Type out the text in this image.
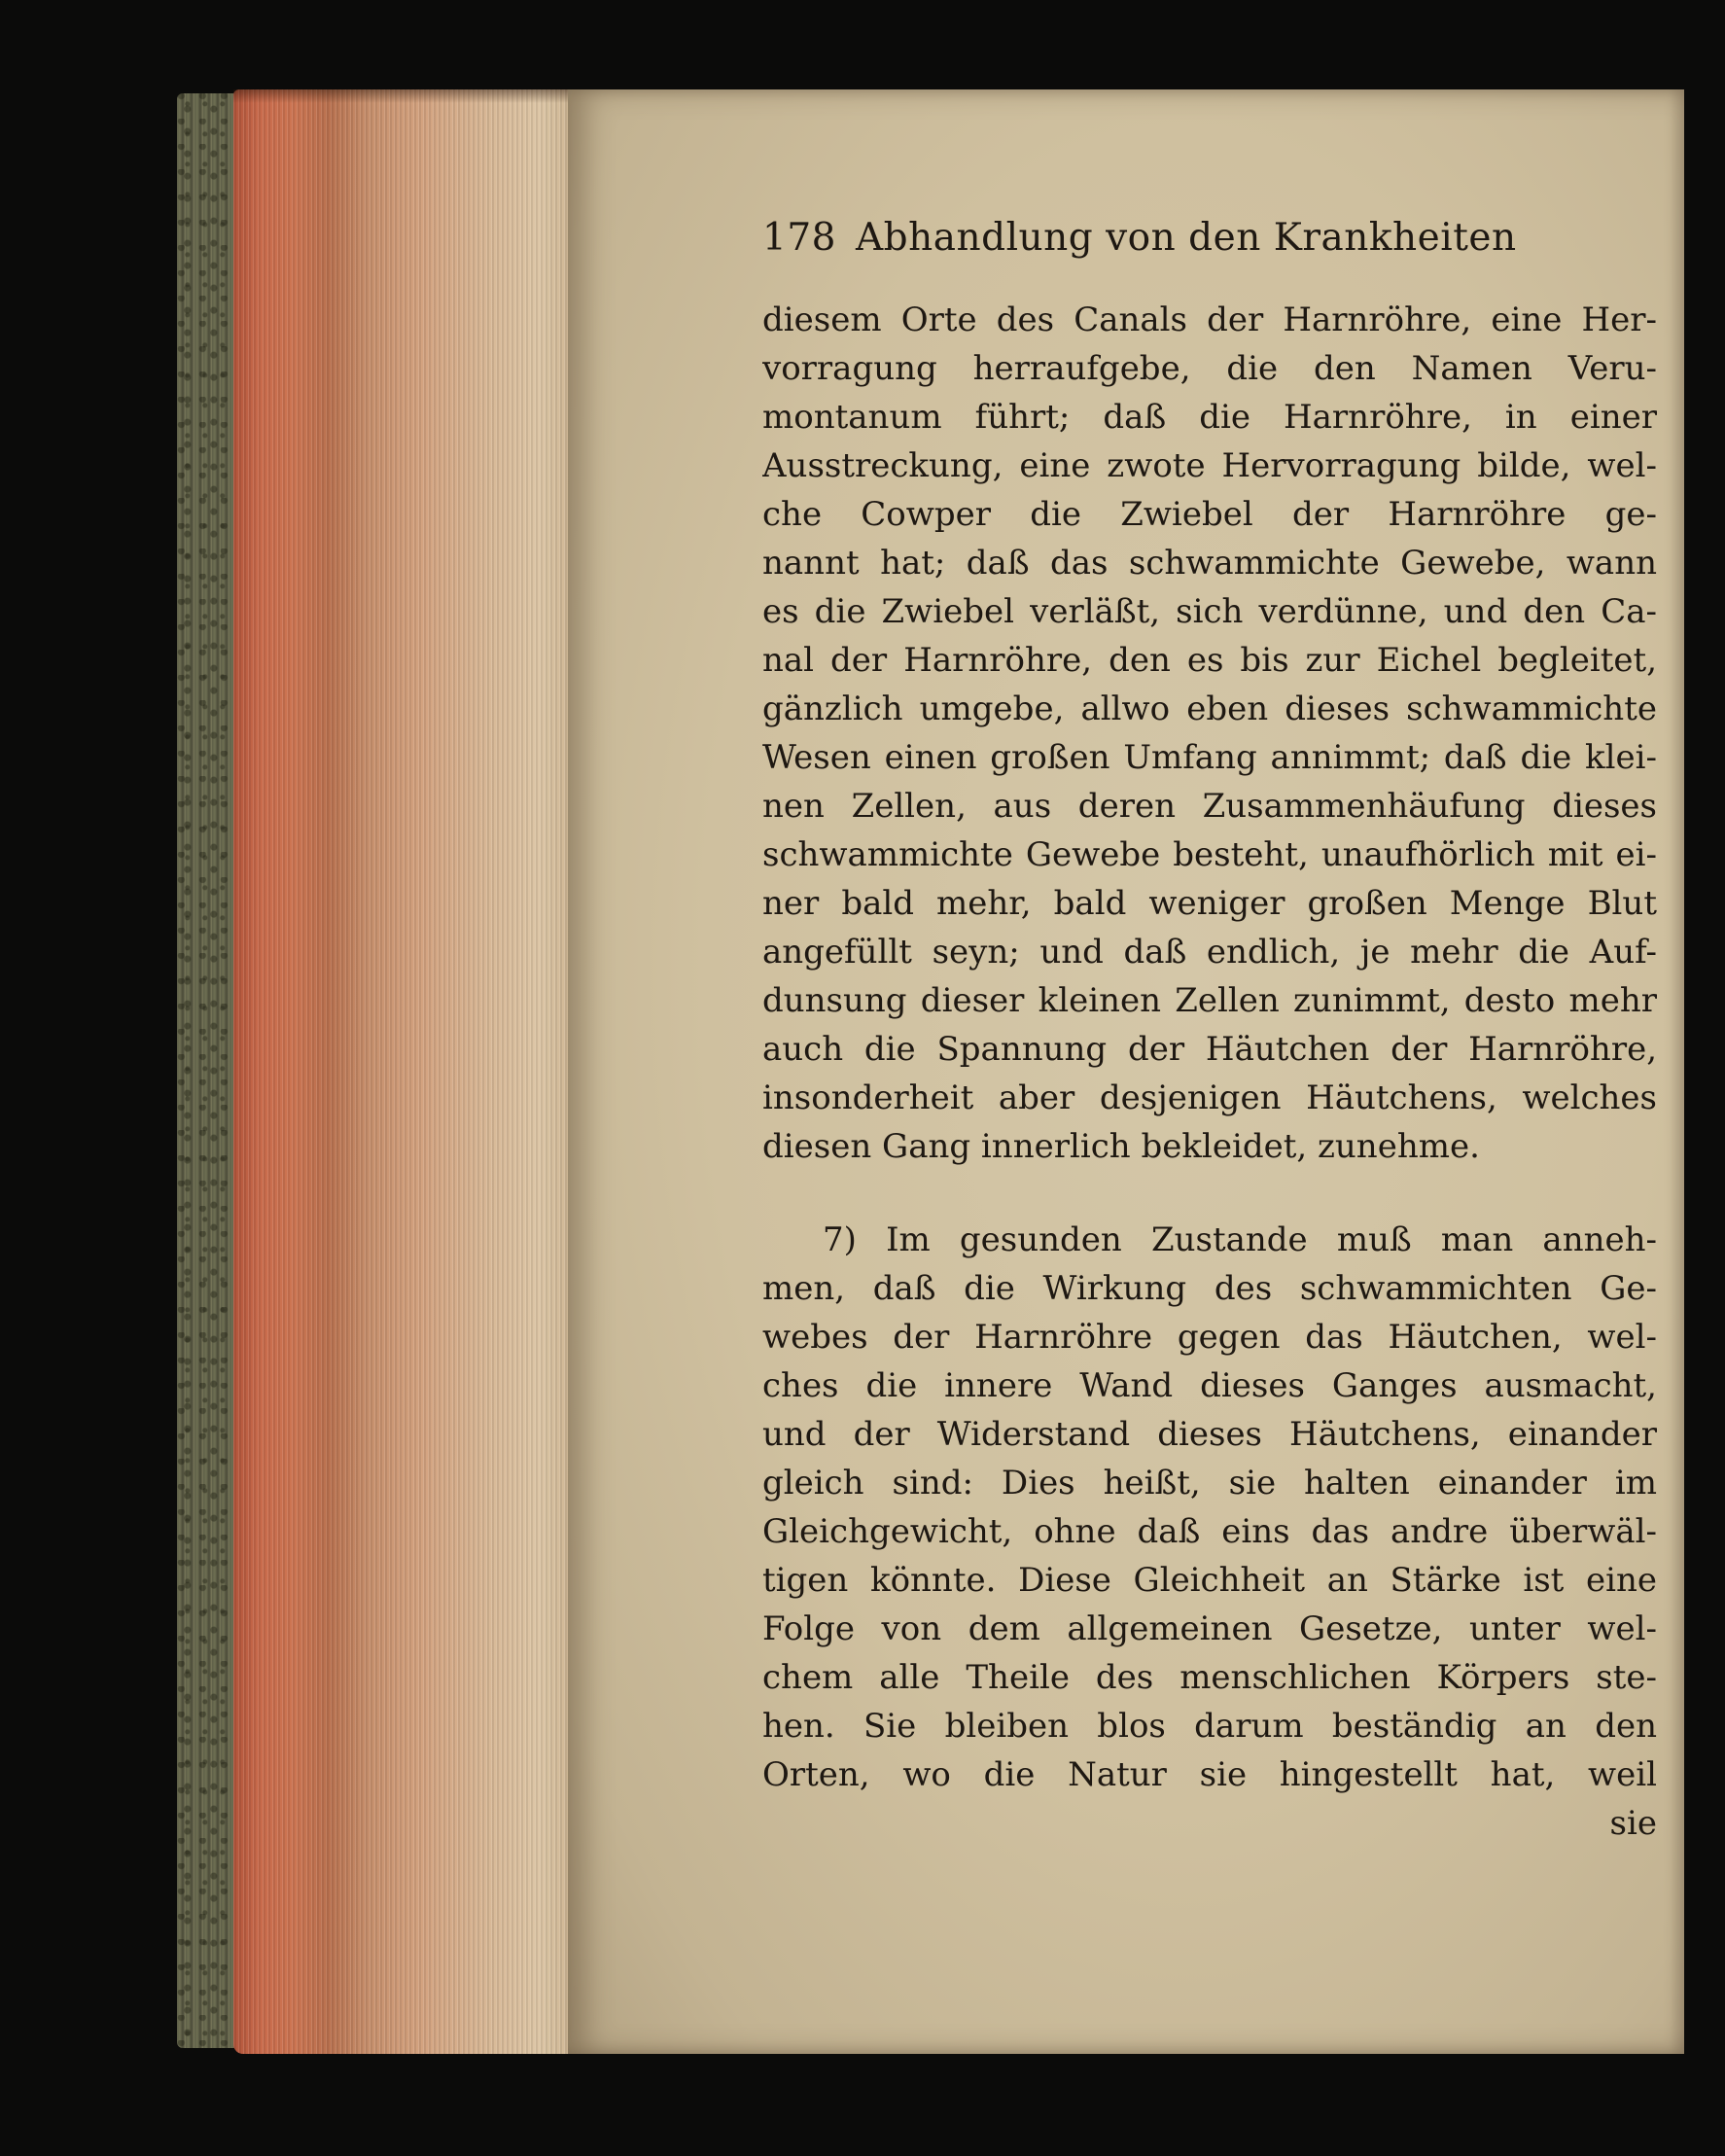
178 Abhandlung von den Krankheiten
diesem Orte des Canals der Harnröhre, eine Her-
vorragung herraufgebe, die den Namen Veru-
montanum führt; daß die Harnröhre, in einer
Ausstreckung, eine zwote Hervorragung bilde, wel-
che Cowper die Zwiebel der Harnröhre ge-
nannt hat; daß das schwammichte Gewebe, wann
es die Zwiebel verläßt, sich verdünne, und den Ca-
nal der Harnröhre, den es bis zur Eichel begleitet,
gänzlich umgebe, allwo eben dieses schwammichte
Wesen einen großen Umfang annimmt; daß die klei-
nen Zellen, aus deren Zusammenhäufung dieses
schwammichte Gewebe besteht, unaufhörlich mit ei-
ner bald mehr, bald weniger großen Menge Blut
angefüllt seyn; und daß endlich, je mehr die Auf-
dunsung dieser kleinen Zellen zunimmt, desto mehr
auch die Spannung der Häutchen der Harnröhre,
insonderheit aber desjenigen Häutchens, welches
diesen Gang innerlich bekleidet, zunehme.
7) Im gesunden Zustande muß man anneh-
men, daß die Wirkung des schwammichten Ge-
webes der Harnröhre gegen das Häutchen, wel-
ches die innere Wand dieses Ganges ausmacht,
und der Widerstand dieses Häutchens, einander
gleich sind: Dies heißt, sie halten einander im
Gleichgewicht, ohne daß eins das andre überwäl-
tigen könnte. Diese Gleichheit an Stärke ist eine
Folge von dem allgemeinen Gesetze, unter wel-
chem alle Theile des menschlichen Körpers ste-
hen. Sie bleiben blos darum beständig an den
Orten, wo die Natur sie hingestellt hat, weil
sie
